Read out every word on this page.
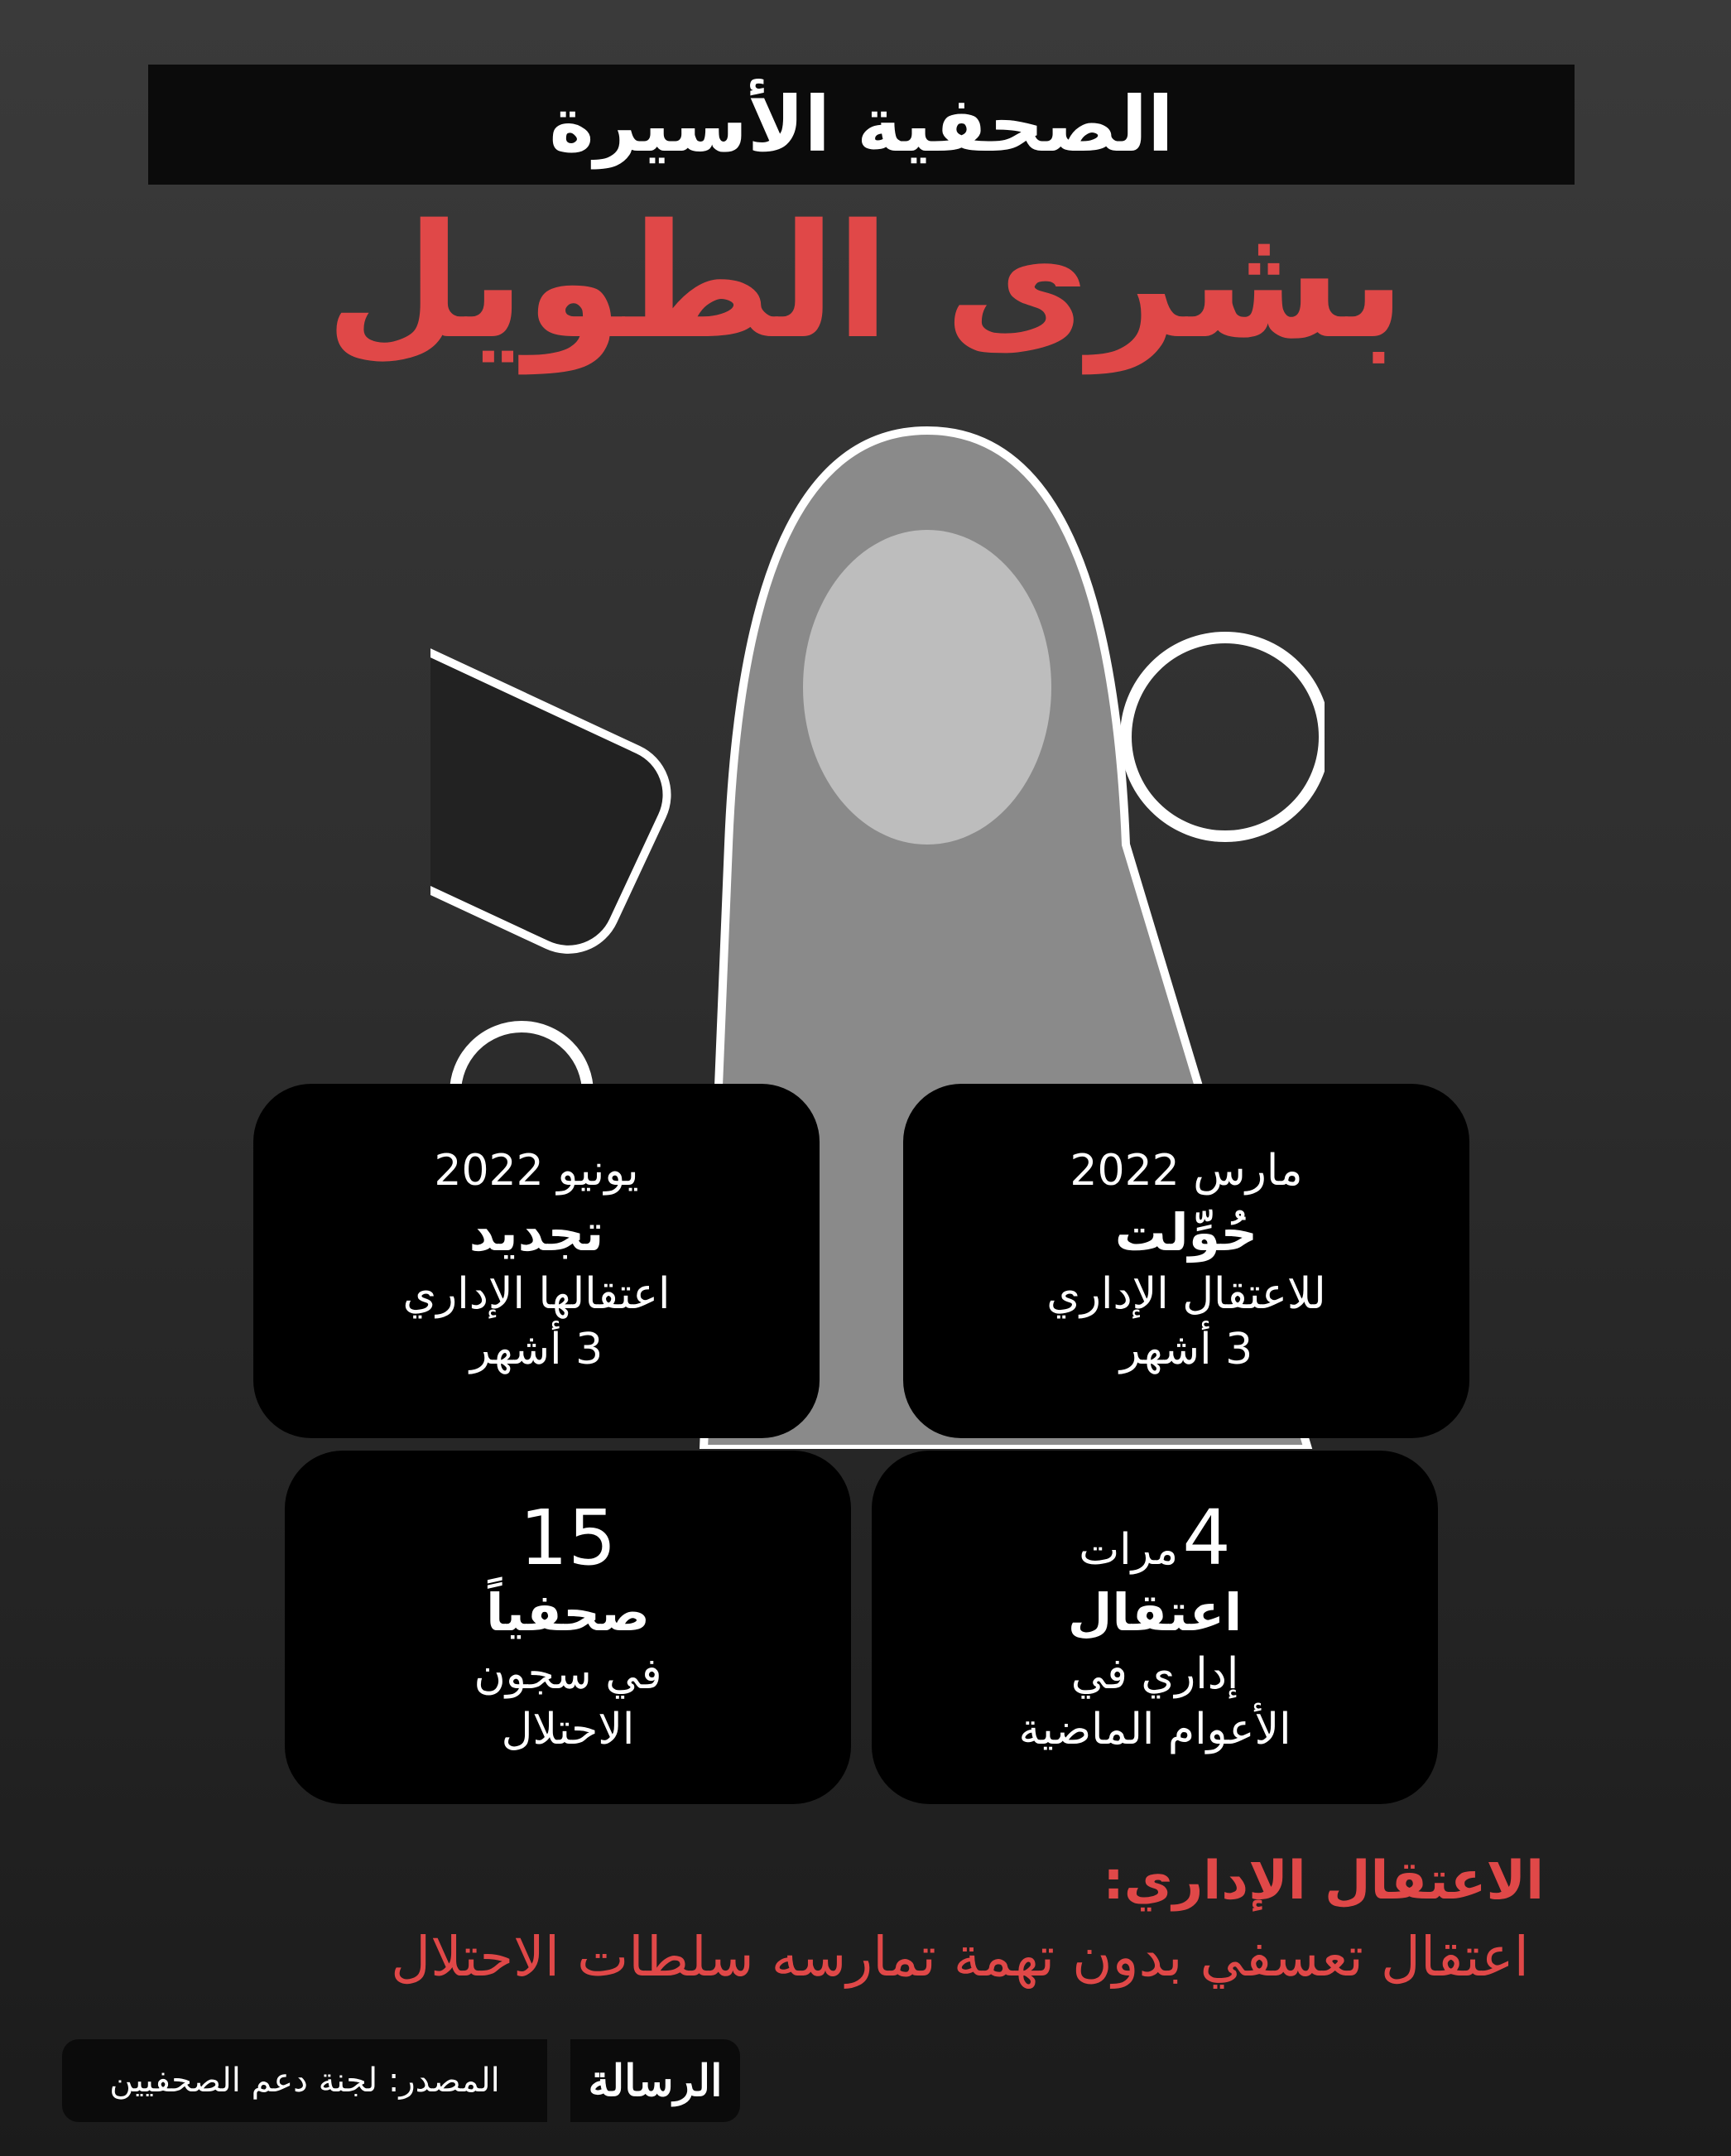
الصحفية الأسيرة
بشرى الطويل
مارس 2022
حُوِّلت
للاعتقال الإداري
3 أشهر
يونيو 2022
تجديد
اعتقالها الإداري
3 أشهر
4 مرات
اعتقال
إداري في
الأعوام الماضية
15
صحفياً
في سجون
الاحتلال
الاعتقال الإداري:
اعتقال تعسفي بدون تهمة تمارسه سلطات الاحتلال
المصدر: لجنة دعم الصحفيين الرسالة
